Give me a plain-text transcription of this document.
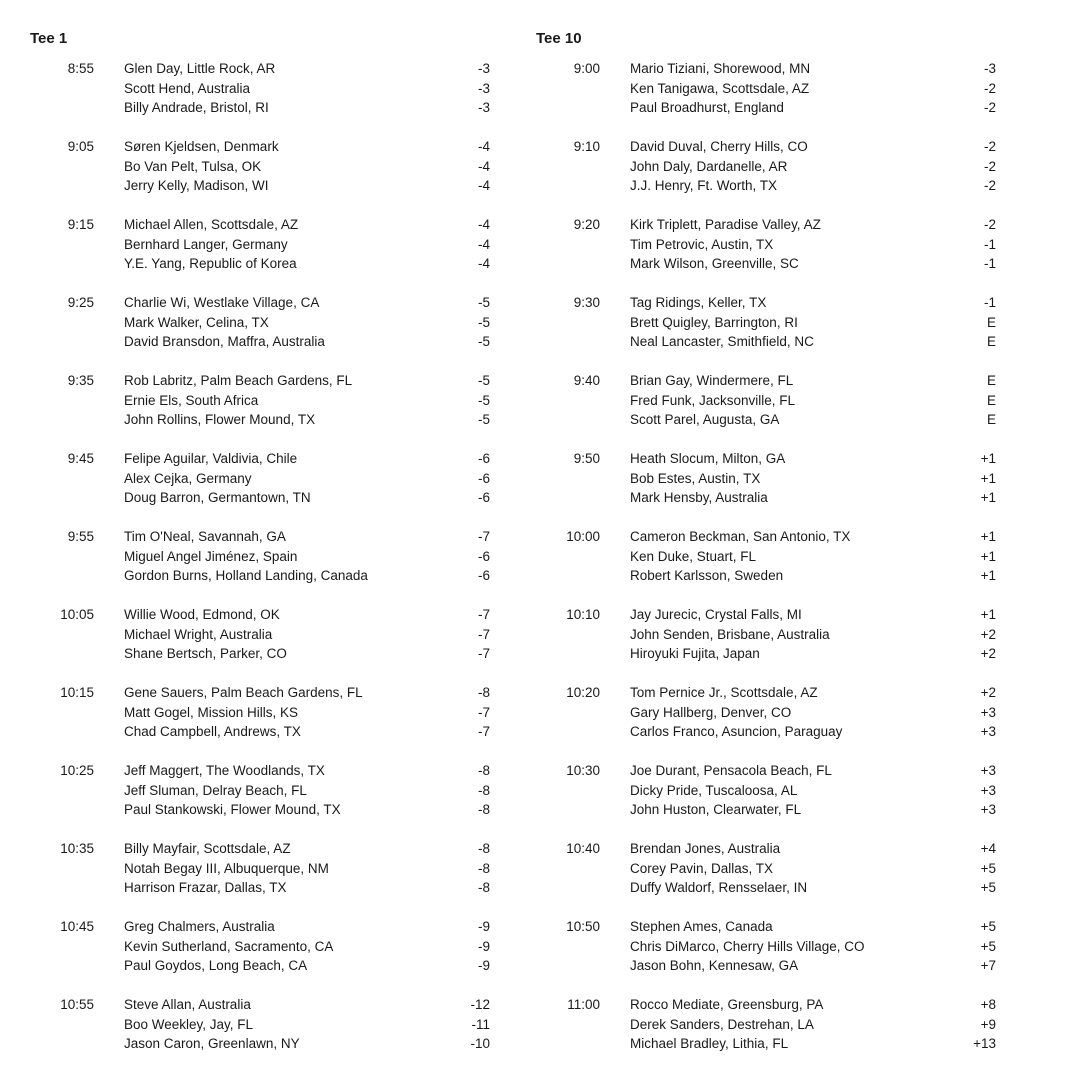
Tee 1
8:55 Glen Day, Little Rock, AR	-3
Scott Hend, Australia	-3
Billy Andrade, Bristol, RI	-3
9:05 Søren Kjeldsen, Denmark	-4
Bo Van Pelt, Tulsa, OK	-4
Jerry Kelly, Madison, WI	-4
9:15 Michael Allen, Scottsdale, AZ	-4
Bernhard Langer, Germany	-4
Y.E. Yang, Republic of Korea	-4
9:25 Charlie Wi, Westlake Village, CA	-5
Mark Walker, Celina, TX	-5
David Bransdon, Maffra, Australia	-5
9:35 Rob Labritz, Palm Beach Gardens, FL	-5
Ernie Els, South Africa	-5
John Rollins, Flower Mound, TX	-5
9:45 Felipe Aguilar, Valdivia, Chile	-6
Alex Cejka, Germany	-6
Doug Barron, Germantown, TN	-6
9:55 Tim O'Neal, Savannah, GA	-7
Miguel Angel Jiménez, Spain	-6
Gordon Burns, Holland Landing, Canada	-6
10:05 Willie Wood, Edmond, OK	-7
Michael Wright, Australia	-7
Shane Bertsch, Parker, CO	-7
10:15 Gene Sauers, Palm Beach Gardens, FL	-8
Matt Gogel, Mission Hills, KS	-7
Chad Campbell, Andrews, TX	-7
10:25 Jeff Maggert, The Woodlands, TX	-8
Jeff Sluman, Delray Beach, FL	-8
Paul Stankowski, Flower Mound, TX	-8
10:35 Billy Mayfair, Scottsdale, AZ	-8
Notah Begay III, Albuquerque, NM	-8
Harrison Frazar, Dallas, TX	-8
10:45 Greg Chalmers, Australia	-9
Kevin Sutherland, Sacramento, CA	-9
Paul Goydos, Long Beach, CA	-9
10:55 Steve Allan, Australia	-12
Boo Weekley, Jay, FL	-11
Jason Caron, Greenlawn, NY	-10
Tee 10
9:00 Mario Tiziani, Shorewood, MN	-3
Ken Tanigawa, Scottsdale, AZ	-2
Paul Broadhurst, England	-2
9:10 David Duval, Cherry Hills, CO	-2
John Daly, Dardanelle, AR	-2
J.J. Henry, Ft. Worth, TX	-2
9:20 Kirk Triplett, Paradise Valley, AZ	-2
Tim Petrovic, Austin, TX	-1
Mark Wilson, Greenville, SC	-1
9:30 Tag Ridings, Keller, TX	-1
Brett Quigley, Barrington, RI	E
Neal Lancaster, Smithfield, NC	E
9:40 Brian Gay, Windermere, FL	E
Fred Funk, Jacksonville, FL	E
Scott Parel, Augusta, GA	E
9:50 Heath Slocum, Milton, GA	+1
Bob Estes, Austin, TX	+1
Mark Hensby, Australia	+1
10:00 Cameron Beckman, San Antonio, TX	+1
Ken Duke, Stuart, FL	+1
Robert Karlsson, Sweden	+1
10:10 Jay Jurecic, Crystal Falls, MI	+1
John Senden, Brisbane, Australia	+2
Hiroyuki Fujita, Japan	+2
10:20 Tom Pernice Jr., Scottsdale, AZ	+2
Gary Hallberg, Denver, CO	+3
Carlos Franco, Asuncion, Paraguay	+3
10:30 Joe Durant, Pensacola Beach, FL	+3
Dicky Pride, Tuscaloosa, AL	+3
John Huston, Clearwater, FL	+3
10:40 Brendan Jones, Australia	+4
Corey Pavin, Dallas, TX	+5
Duffy Waldorf, Rensselaer, IN	+5
10:50 Stephen Ames, Canada	+5
Chris DiMarco, Cherry Hills Village, CO	+5
Jason Bohn, Kennesaw, GA	+7
11:00 Rocco Mediate, Greensburg, PA	+8
Derek Sanders, Destrehan, LA	+9
Michael Bradley, Lithia, FL	+13
